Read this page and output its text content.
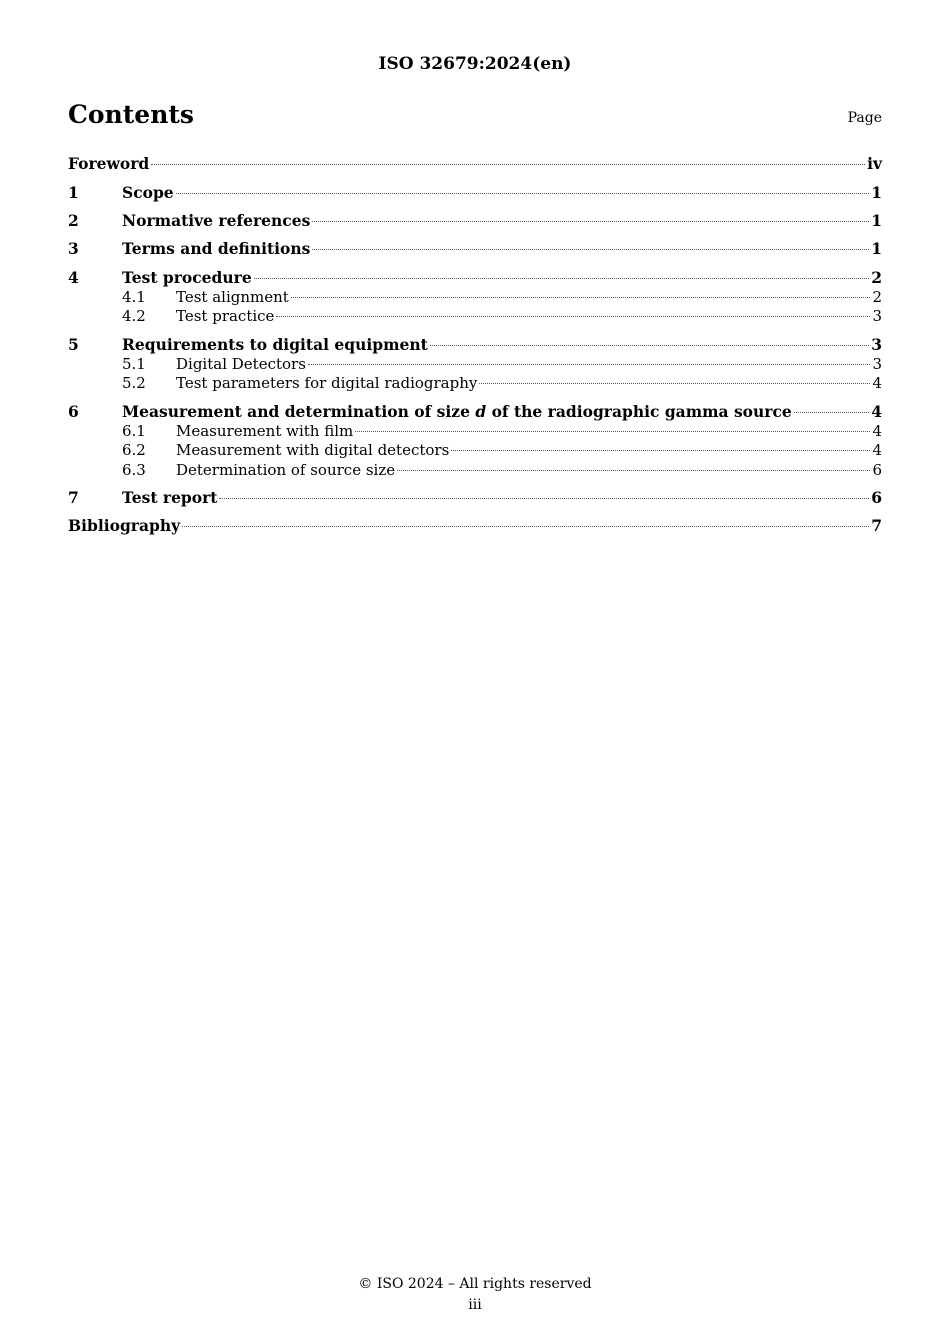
ISO 32679:2024(en)
Contents	Page
Foreword	iv
1	Scope	1
2	Normative references	1
3	Terms and definitions	1
4	Test procedure	2
4.1	Test alignment	2
4.2	Test practice	3
5	Requirements to digital equipment	3
5.1	Digital Detectors	3
5.2	Test parameters for digital radiography	4
6	Measurement and determination of size d of the radiographic gamma source	4
6.1	Measurement with film	4
6.2	Measurement with digital detectors	4
6.3	Determination of source size	6
7	Test report	6
Bibliography	7
© ISO 2024 – All rights reserved
iii
